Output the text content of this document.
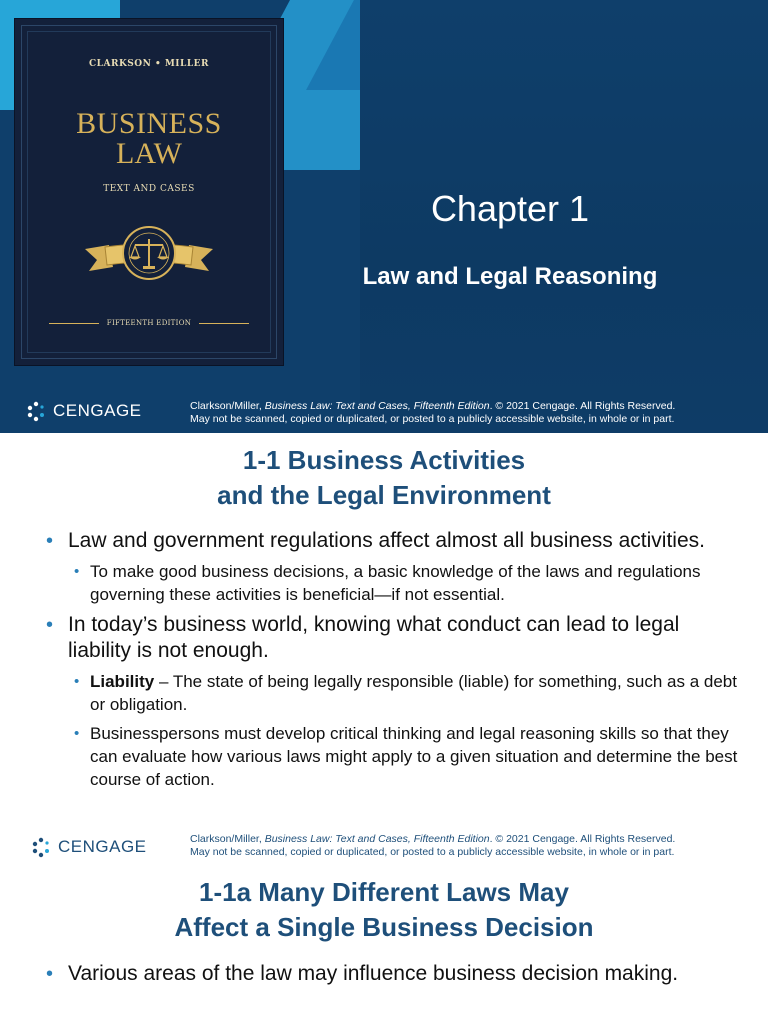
CLARKSON • MILLER
BUSINESS
LAW
TEXT AND CASES
FIFTEENTH EDITION
Chapter 1
Law and Legal Reasoning
CENGAGE	Clarkson/Miller, Business Law: Text and Cases, Fifteenth Edition. © 2021 Cengage. All Rights Reserved.
May not be scanned, copied or duplicated, or posted to a publicly accessible website, in whole or in part.
1-1 Business Activities
and the Legal Environment
• Law and government regulations affect almost all business activities.
• To make good business decisions, a basic knowledge of the laws and regulations governing these activities is beneficial—if not essential.
• In today’s business world, knowing what conduct can lead to legal liability is not enough.
• Liability – The state of being legally responsible (liable) for something, such as a debt or obligation.
• Businesspersons must develop critical thinking and legal reasoning skills so that they can evaluate how various laws might apply to a given situation and determine the best course of action.
CENGAGE	Clarkson/Miller, Business Law: Text and Cases, Fifteenth Edition. © 2021 Cengage. All Rights Reserved.
May not be scanned, copied or duplicated, or posted to a publicly accessible website, in whole or in part.
1-1a Many Different Laws May
Affect a Single Business Decision
• Various areas of the law may influence business decision making.
